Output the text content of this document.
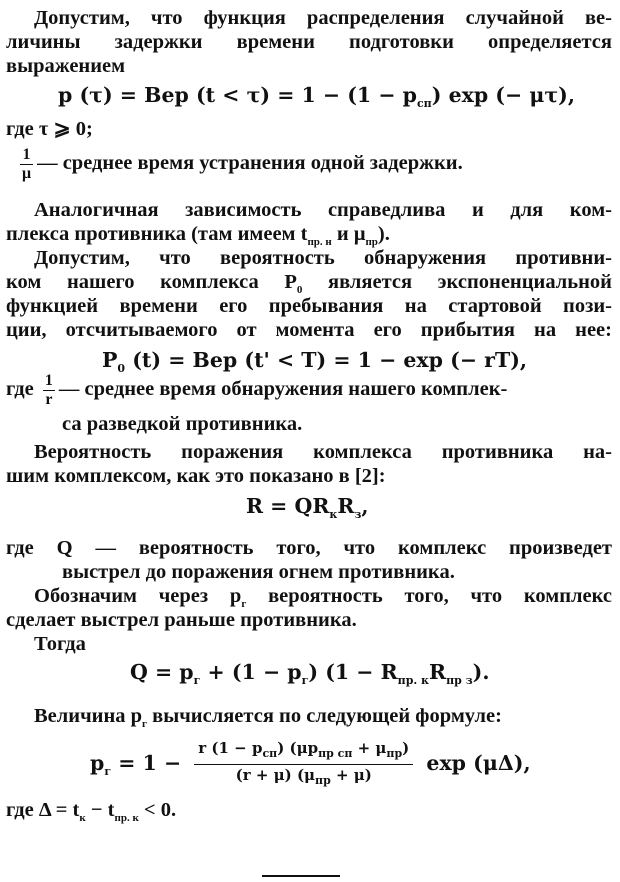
Допустим, что функция распределения случайной ве-
личины задержки времени подготовки определяется
выражением
p (τ) = Вер $(t < \tau) = 1 - (1 - p_{сп})$ exp (− μτ),
где τ ⩾ 0;
$\frac{1}{\mu}$ — среднее время устранения одной задержки.
Аналогичная зависимость справедлива и для ком-
плекса противника (там имеем $t_{пр. н}$ и $\mu_{пр}$).
Допустим, что вероятность обнаружения противни-
ком нашего комплекса $P_0$ является экспоненциальной
функцией времени его пребывания на стартовой пози-
ции, отсчитываемого от момента его прибытия на нее:
$P_0$ (t) = Вер (t' < T) = 1 − exp (− rT),
где $\frac{1}{r}$ — среднее время обнаружения нашего комплек-
са разведкой противника.
Вероятность поражения комплекса противника на-
шим комплексом, как это показано в [2]:
$R = QR_кR_з$,
где Q — вероятность того, что комплекс произведет
выстрел до поражения огнем противника.
Обозначим через $p_г$ вероятность того, что комплекс
сделает выстрел раньше противника.
Тогда
$Q = p_г + (1 - p_г) (1 - R_{пр. к}R_{пр з})$.
Величина $p_г$ вычисляется по следующей формуле:
$p_г = 1 - \frac{r (1 - p_{сп}) (\mu p_{пр сп} + \mu_{пр})}{(r + \mu) (\mu_{пр} + \mu)}$ exp (μΔ),
где $\Delta = t_к - t_{пр. к} < 0$.
